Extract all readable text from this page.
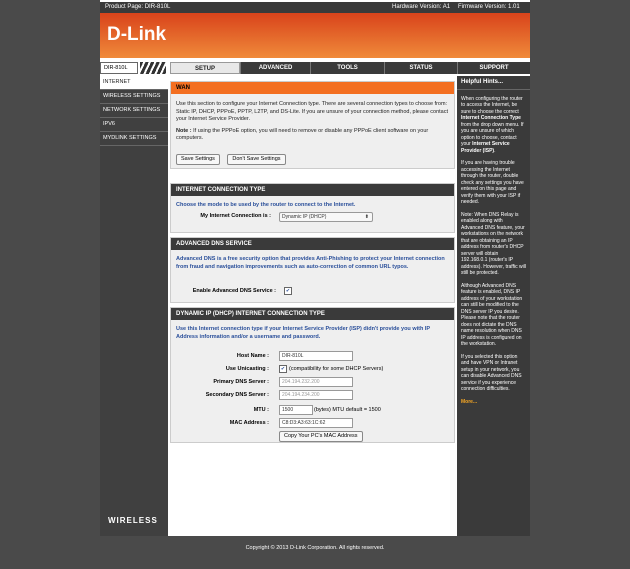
Product Page: DIR-810L	Hardware Version: A1 Firmware Version: 1.01
D-Link
DIR-810L	SETUP	ADVANCED	TOOLS	STATUS	SUPPORT
INTERNET
WIRELESS SETTINGS
NETWORK SETTINGS
IPV6
MYDLINK SETTINGS
WIRELESS
WAN
Use this section to configure your Internet Connection type. There are several connection types to choose from: Static IP, DHCP, PPPoE, PPTP, L2TP, and DS-Lite. If you are unsure of your connection method, please contact your Internet Service Provider.
Note : If using the PPPoE option, you will need to remove or disable any PPPoE client software on your computers.
Save Settings	Don't Save Settings
INTERNET CONNECTION TYPE
Choose the mode to be used by the router to connect to the Internet.
My Internet Connection is :	Dynamic IP (DHCP)	⬍
ADVANCED DNS SERVICE
Advanced DNS is a free security option that provides Anti-Phishing to protect your Internet connection from fraud and navigation improvements such as auto-correction of common URL typos.
Enable Advanced DNS Service :	✔
DYNAMIC IP (DHCP) INTERNET CONNECTION TYPE
Use this Internet connection type if your Internet Service Provider (ISP) didn't provide you with IP Address information and/or a username and password.
Host Name :	DIR-810L
Use Unicasting :	✔ (compatibility for some DHCP Servers)
Primary DNS Server :	204.194.232.200
Secondary DNS Server :	204.194.234.200
MTU :	1500	(bytes) MTU default = 1500
MAC Address :	C8:D3:A3:63:1C:62
Copy Your PC's MAC Address
Helpful Hints...
When configuring the router to access the Internet, be sure to choose the correct Internet Connection Type from the drop down menu. If you are unsure of which option to choose, contact your Internet Service Provider (ISP).
If you are having trouble accessing the Internet through the router, double check any settings you have entered on this page and verify them with your ISP if needed.
Note: When DNS Relay is enabled along with Advanced DNS feature, your workstations on the network that are obtaining an IP address from router's DHCP server will obtain 192.168.0.1 (router's IP address). However, traffic will still be protected.
Although Advanced DNS feature is enabled, DNS IP address of your workstation can still be modified to the DNS server IP you desire. Please note that the router does not dictate the DNS name resolution when DNS IP address is configured on the workstation.
If you selected this option and have VPN or Intranet setup in your network, you can disable Advanced DNS service if you experience connection difficulties.
More...
Copyright © 2013 D-Link Corporation. All rights reserved.
